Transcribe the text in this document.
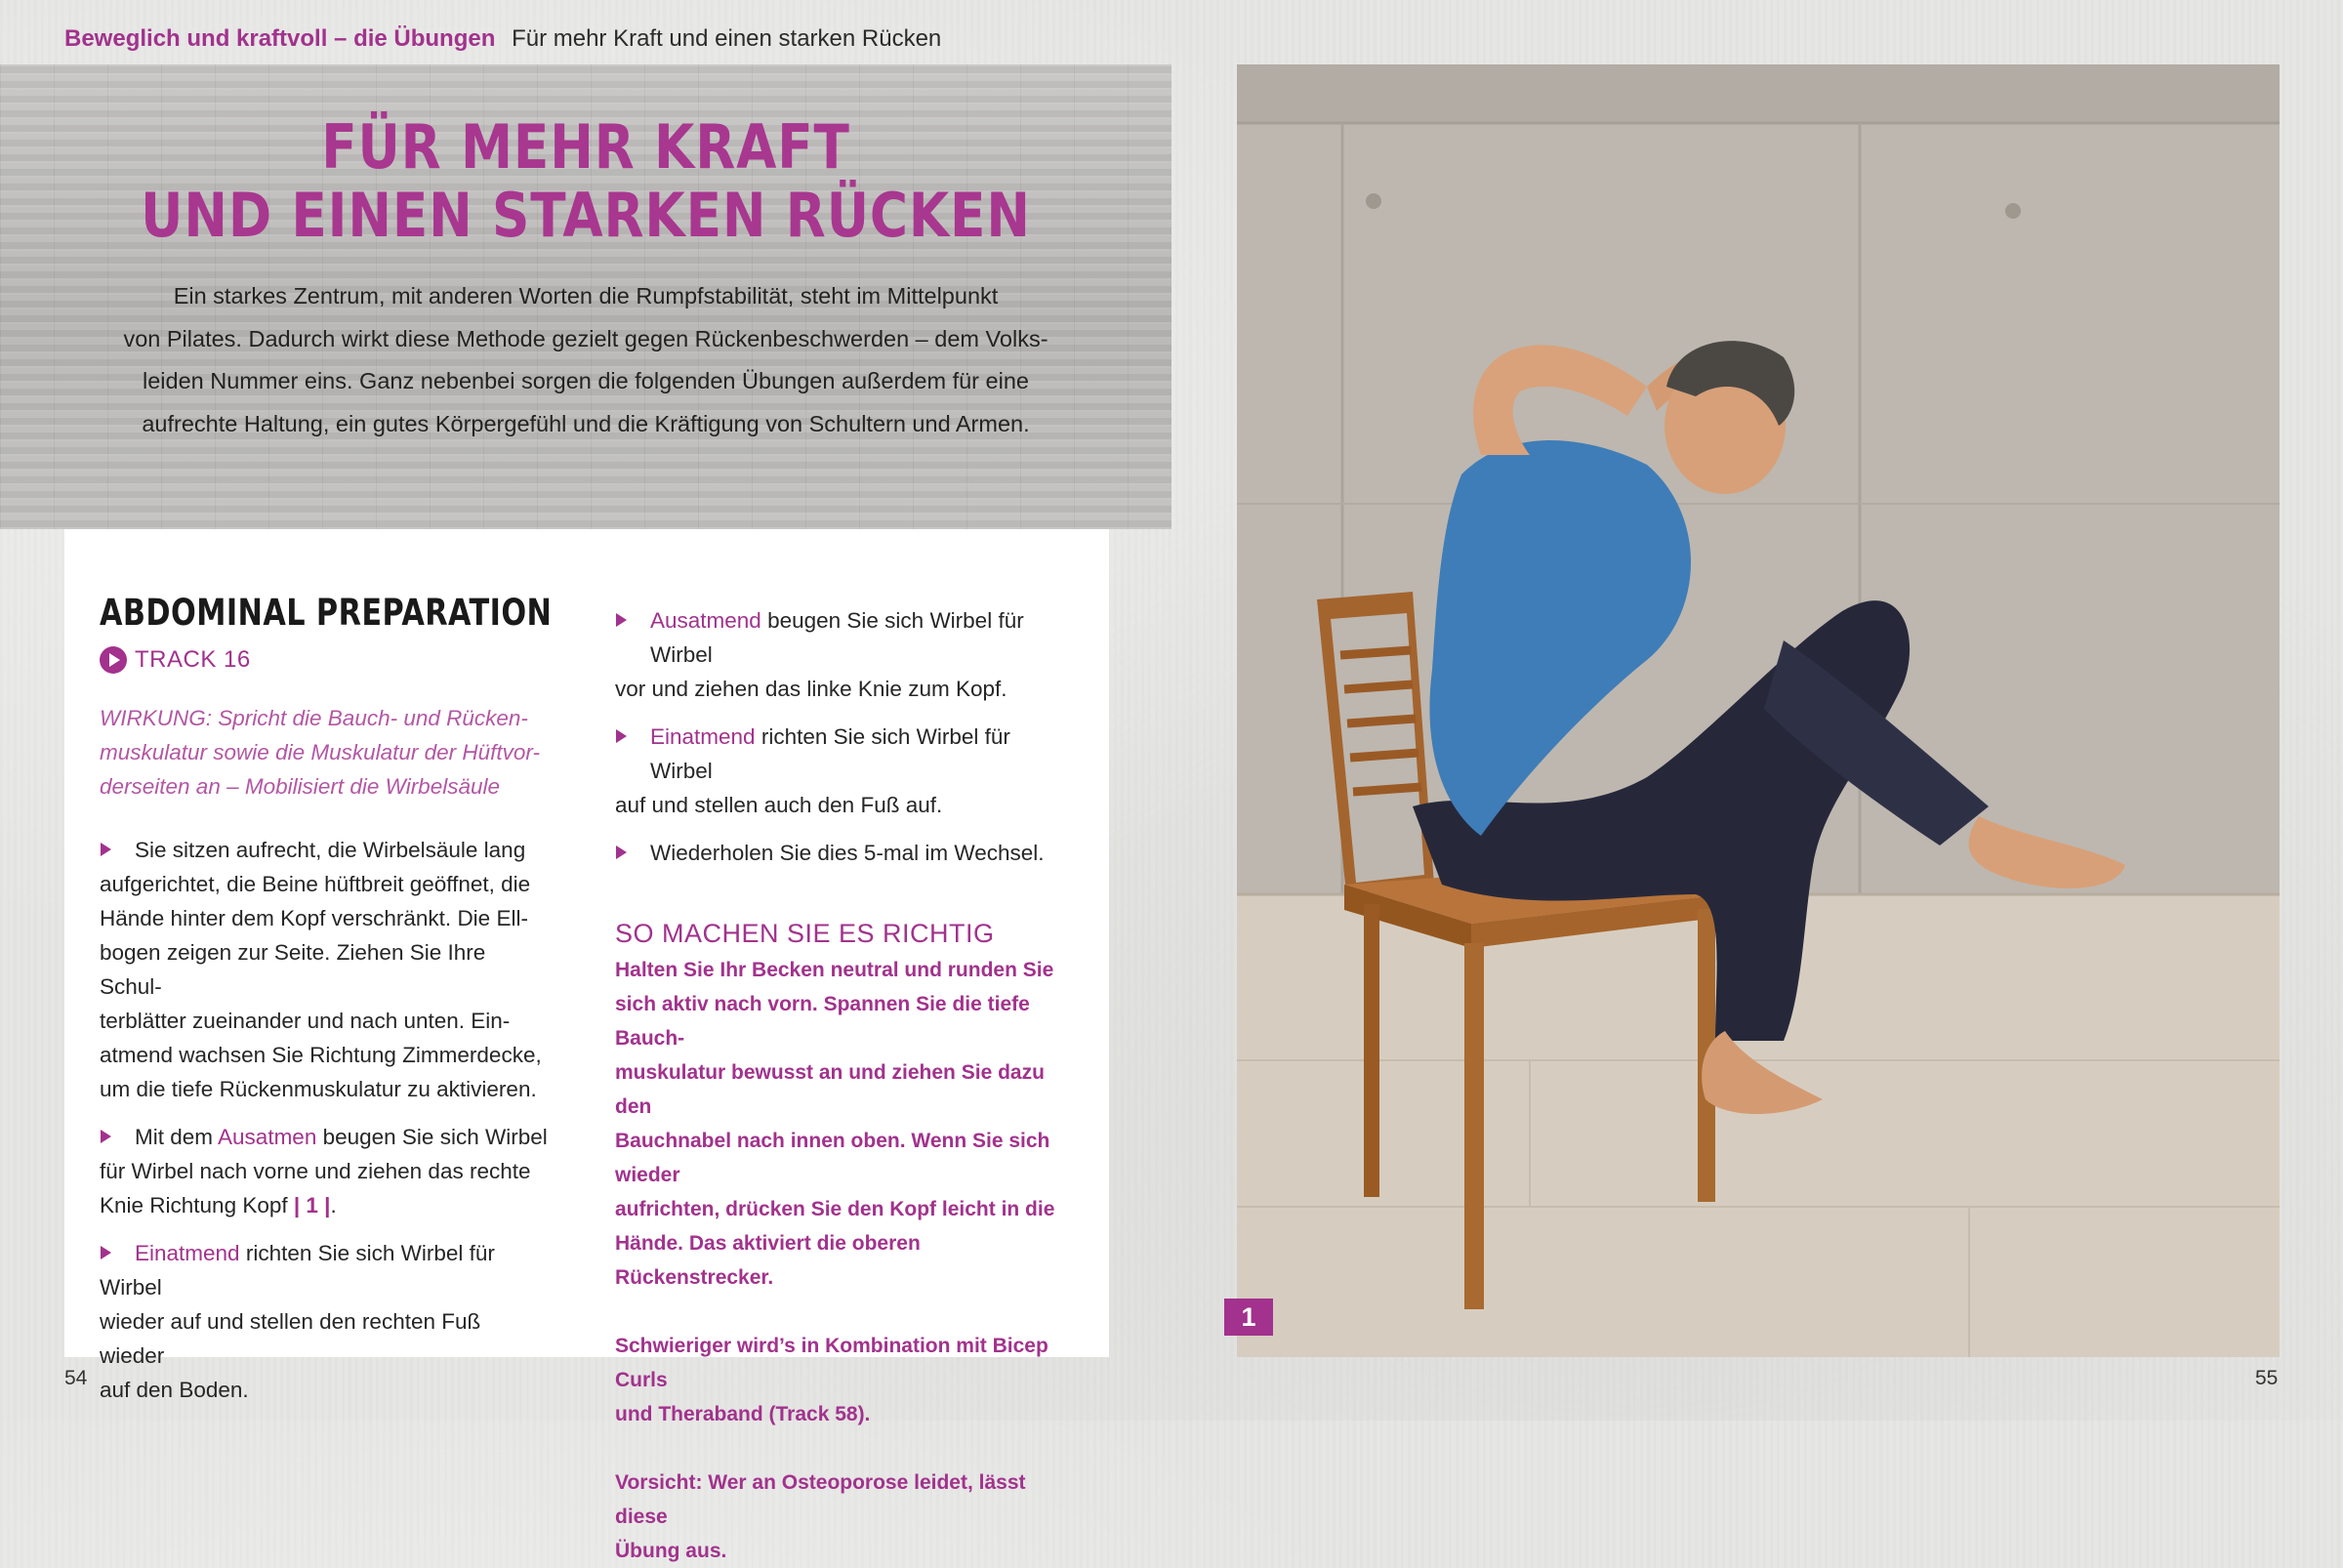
Beweglich und kraftvoll – die Übungen Für mehr Kraft und einen starken Rücken
FÜR MEHR KRAFT
UND EINEN STARKEN RÜCKEN
Ein starkes Zentrum, mit anderen Worten die Rumpfstabilität, steht im Mittelpunkt
von Pilates. Dadurch wirkt diese Methode gezielt gegen Rückenbeschwerden – dem Volks-
leiden Nummer eins. Ganz nebenbei sorgen die folgenden Übungen außerdem für eine
aufrechte Haltung, ein gutes Körpergefühl und die Kräftigung von Schultern und Armen.
ABDOMINAL PREPARATION
TRACK 16
WIRKUNG: Spricht die Bauch- und Rücken-
muskulatur sowie die Muskulatur der Hüftvor-
derseiten an – Mobilisiert die Wirbelsäule
Sie sitzen aufrecht, die Wirbelsäule lang
aufgerichtet, die Beine hüftbreit geöffnet, die
Hände hinter dem Kopf verschränkt. Die Ell-
bogen zeigen zur Seite. Ziehen Sie Ihre Schul-
terblätter zueinander und nach unten. Ein-
atmend wachsen Sie Richtung Zimmerdecke,
um die tiefe Rückenmuskulatur zu aktivieren.
Mit dem Ausatmen beugen Sie sich Wirbel
für Wirbel nach vorne und ziehen das rechte
Knie Richtung Kopf | 1 |.
Einatmend richten Sie sich Wirbel für Wirbel
wieder auf und stellen den rechten Fuß wieder
auf den Boden.
Ausatmend beugen Sie sich Wirbel für Wirbel
vor und ziehen das linke Knie zum Kopf.
Einatmend richten Sie sich Wirbel für Wirbel
auf und stellen auch den Fuß auf.
Wiederholen Sie dies 5-mal im Wechsel.
SO MACHEN SIE ES RICHTIG
Halten Sie Ihr Becken neutral und runden Sie
sich aktiv nach vorn. Spannen Sie die tiefe Bauch-
muskulatur bewusst an und ziehen Sie dazu den
Bauchnabel nach innen oben. Wenn Sie sich wieder
aufrichten, drücken Sie den Kopf leicht in die
Hände. Das aktiviert die oberen Rückenstrecker.
Schwieriger wird’s in Kombination mit Bicep Curls
und Theraband (Track 58).
Vorsicht: Wer an Osteoporose leidet, lässt diese
Übung aus.
1
54	55
